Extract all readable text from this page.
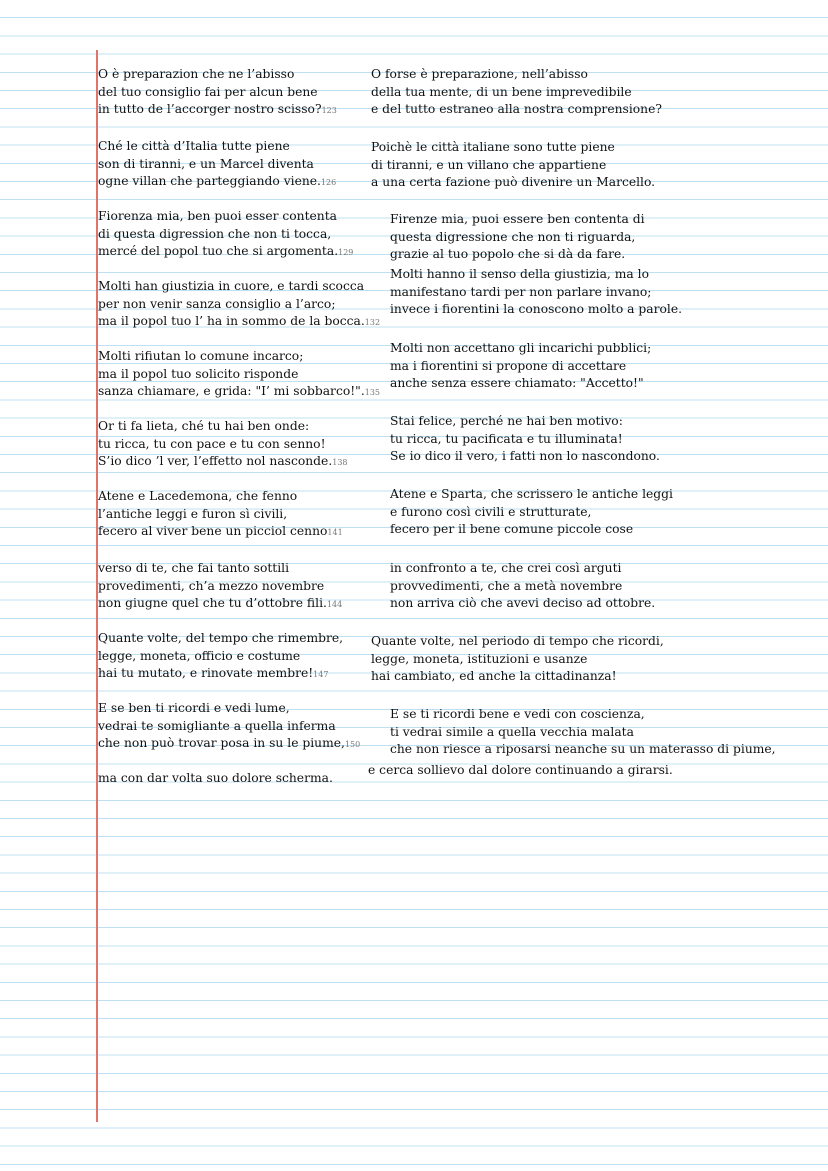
O è preparazion che ne l’abisso
del tuo consiglio fai per alcun bene
in tutto de l’accorger nostro scisso?123
O forse è preparazione, nell’abisso
della tua mente, di un bene imprevedibile
e del tutto estraneo alla nostra comprensione?
Ché le città d’Italia tutte piene
son di tiranni, e un Marcel diventa
ogne villan che parteggiando viene.126
Poichè le città italiane sono tutte piene
di tiranni, e un villano che appartiene
a una certa fazione può divenire un Marcello.
Fiorenza mia, ben puoi esser contenta
di questa digression che non ti tocca,
mercé del popol tuo che si argomenta.129
Firenze mia, puoi essere ben contenta di
questa digressione che non ti riguarda,
grazie al tuo popolo che si dà da fare.
Molti han giustizia in cuore, e tardi scocca
per non venir sanza consiglio a l’arco;
ma il popol tuo l’ ha in sommo de la bocca.132
Molti hanno il senso della giustizia, ma lo
manifestano tardi per non parlare invano;
invece i fiorentini la conoscono molto a parole.
Molti rifiutan lo comune incarco;
ma il popol tuo solicito risponde
sanza chiamare, e grida: "I’ mi sobbarco!".135
Molti non accettano gli incarichi pubblici;
ma i fiorentini si propone di accettare
anche senza essere chiamato: "Accetto!"
Or ti fa lieta, ché tu hai ben onde:
tu ricca, tu con pace e tu con senno!
S’io dico ’l ver, l’effetto nol nasconde.138
Stai felice, perché ne hai ben motivo:
tu ricca, tu pacificata e tu illuminata!
Se io dico il vero, i fatti non lo nascondono.
Atene e Lacedemona, che fenno
l’antiche leggi e furon sì civili,
fecero al viver bene un picciol cenno141
Atene e Sparta, che scrissero le antiche leggi
e furono così civili e strutturate,
fecero per il bene comune piccole cose
verso di te, che fai tanto sottili
provedimenti, ch’a mezzo novembre
non giugne quel che tu d’ottobre fili.144
in confronto a te, che crei così arguti
provvedimenti, che a metà novembre
non arriva ciò che avevi deciso ad ottobre.
Quante volte, del tempo che rimembre,
legge, moneta, officio e costume
hai tu mutato, e rinovate membre!147
Quante volte, nel periodo di tempo che ricordi,
legge, moneta, istituzioni e usanze
hai cambiato, ed anche la cittadinanza!
E se ben ti ricordi e vedi lume,
vedrai te somigliante a quella inferma
che non può trovar posa in su le piume,150
E se ti ricordi bene e vedi con coscienza,
ti vedrai simile a quella vecchia malata
che non riesce a riposarsi neanche su un materasso di piume,
ma con dar volta suo dolore scherma.
e cerca sollievo dal dolore continuando a girarsi.
